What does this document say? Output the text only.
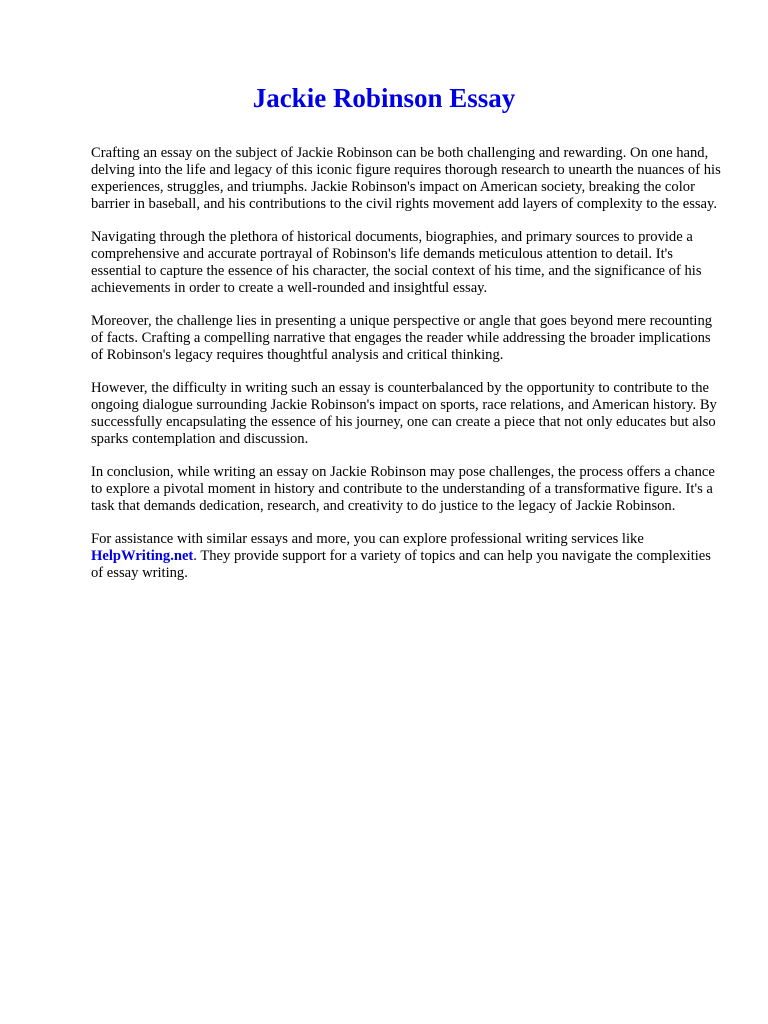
Jackie Robinson Essay

Crafting an essay on the subject of Jackie Robinson can be both challenging and rewarding. On one hand, delving into the life and legacy of this iconic figure requires thorough research to unearth the nuances of his experiences, struggles, and triumphs. Jackie Robinson's impact on American society, breaking the color barrier in baseball, and his contributions to the civil rights movement add layers of complexity to the essay.

Navigating through the plethora of historical documents, biographies, and primary sources to provide a comprehensive and accurate portrayal of Robinson's life demands meticulous attention to detail. It's essential to capture the essence of his character, the social context of his time, and the significance of his achievements in order to create a well-rounded and insightful essay.

Moreover, the challenge lies in presenting a unique perspective or angle that goes beyond mere recounting of facts. Crafting a compelling narrative that engages the reader while addressing the broader implications of Robinson's legacy requires thoughtful analysis and critical thinking.

However, the difficulty in writing such an essay is counterbalanced by the opportunity to contribute to the ongoing dialogue surrounding Jackie Robinson's impact on sports, race relations, and American history. By successfully encapsulating the essence of his journey, one can create a piece that not only educates but also sparks contemplation and discussion.

In conclusion, while writing an essay on Jackie Robinson may pose challenges, the process offers a chance to explore a pivotal moment in history and contribute to the understanding of a transformative figure. It's a task that demands dedication, research, and creativity to do justice to the legacy of Jackie Robinson.

For assistance with similar essays and more, you can explore professional writing services like HelpWriting.net. They provide support for a variety of topics and can help you navigate the complexities of essay writing.
